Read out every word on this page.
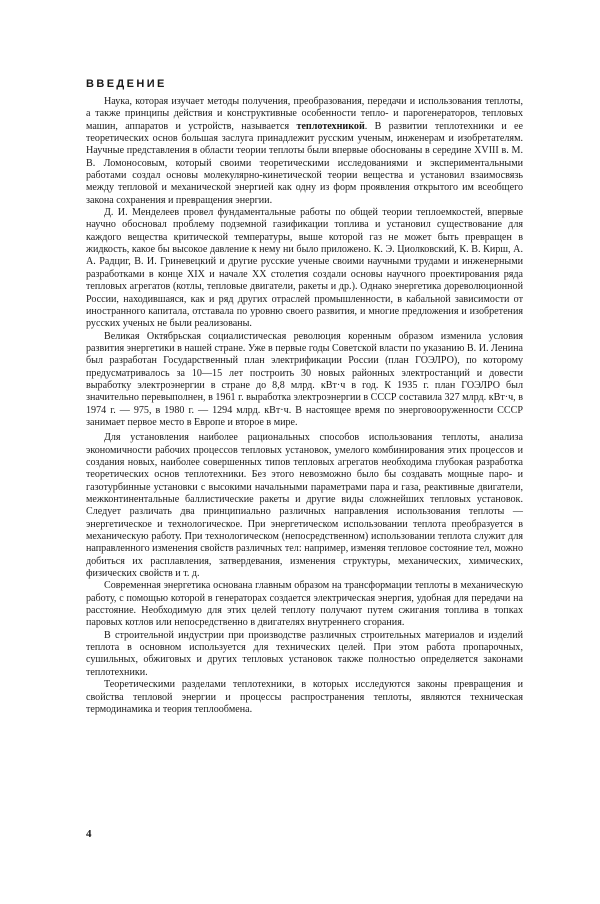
ВВЕДЕНИЕ

Наука, которая изучает методы получения, преобразования, передачи и использования теплоты, а также принципы действия и конструктивные особенности тепло- и парогенераторов, тепловых машин, аппаратов и устройств, называется теплотехникой. В развитии теплотехники и ее теоретических основ большая заслуга принадлежит русским ученым, инженерам и изобретателям. Научные представления в области теории теплоты были впервые обоснованы в середине XVIII в. М. В. Ломоносовым, который своими теоретическими исследованиями и экспериментальными работами создал основы молекулярно-кинетической теории вещества и установил взаимосвязь между тепловой и механической энергией как одну из форм проявления открытого им всеобщего закона сохранения и превращения энергии.

Д. И. Менделеев провел фундаментальные работы по общей теории теплоемкостей, впервые научно обосновал проблему подземной газификации топлива и установил существование для каждого вещества критической температуры, выше которой газ не может быть превращен в жидкость, какое бы высокое давление к нему ни было приложено. К. Э. Циолковский, К. В. Кирш, А. А. Радциг, В. И. Гриневецкий и другие русские ученые своими научными трудами и инженерными разработками в конце XIX и начале XX столетия создали основы научного проектирования ряда тепловых агрегатов (котлы, тепловые двигатели, ракеты и др.). Однако энергетика дореволюционной России, находившаяся, как и ряд других отраслей промышленности, в кабальной зависимости от иностранного капитала, отставала по уровню своего развития, и многие предложения и изобретения русских ученых не были реализованы.

Великая Октябрьская социалистическая революция коренным образом изменила условия развития энергетики в нашей стране. Уже в первые годы Советской власти по указанию В. И. Ленина был разработан Государственный план электрификации России (план ГОЭЛРО), по которому предусматривалось за 10—15 лет построить 30 новых районных электростанций и довести выработку электроэнергии в стране до 8,8 млрд. кВт·ч в год. К 1935 г. план ГОЭЛРО был значительно перевыполнен, в 1961 г. выработка электроэнергии в СССР составила 327 млрд. кВт·ч, в 1974 г. — 975, в 1980 г. — 1294 млрд. кВт·ч. В настоящее время по энерговооруженности СССР занимает первое место в Европе и второе в мире.

Для установления наиболее рациональных способов использования теплоты, анализа экономичности рабочих процессов тепловых установок, умелого комбинирования этих процессов и создания новых, наиболее совершенных типов тепловых агрегатов необходима глубокая разработка теоретических основ теплотехники. Без этого невозможно было бы создавать мощные паро- и газотурбинные установки с высокими начальными параметрами пара и газа, реактивные двигатели, межконтинентальные баллистические ракеты и другие виды сложнейших тепловых установок. Следует различать два принципиально различных направления использования теплоты — энергетическое и технологическое. При энергетическом использовании теплота преобразуется в механическую работу. При технологическом (непосредственном) использовании теплота служит для направленного изменения свойств различных тел: например, изменяя тепловое состояние тел, можно добиться их расплавления, затвердевания, изменения структуры, механических, химических, физических свойств и т. д.

Современная энергетика основана главным образом на трансформации теплоты в механическую работу, с помощью которой в генераторах создается электрическая энергия, удобная для передачи на расстояние. Необходимую для этих целей теплоту получают путем сжигания топлива в топках паровых котлов или непосредственно в двигателях внутреннего сгорания.

В строительной индустрии при производстве различных строительных материалов и изделий теплота в основном используется для технических целей. При этом работа пропарочных, сушильных, обжиговых и других тепловых установок также полностью определяется законами теплотехники.

Теоретическими разделами теплотехники, в которых исследуются законы превращения и свойства тепловой энергии и процессы распространения теплоты, являются техническая термодинамика и теория теплообмена.

4
